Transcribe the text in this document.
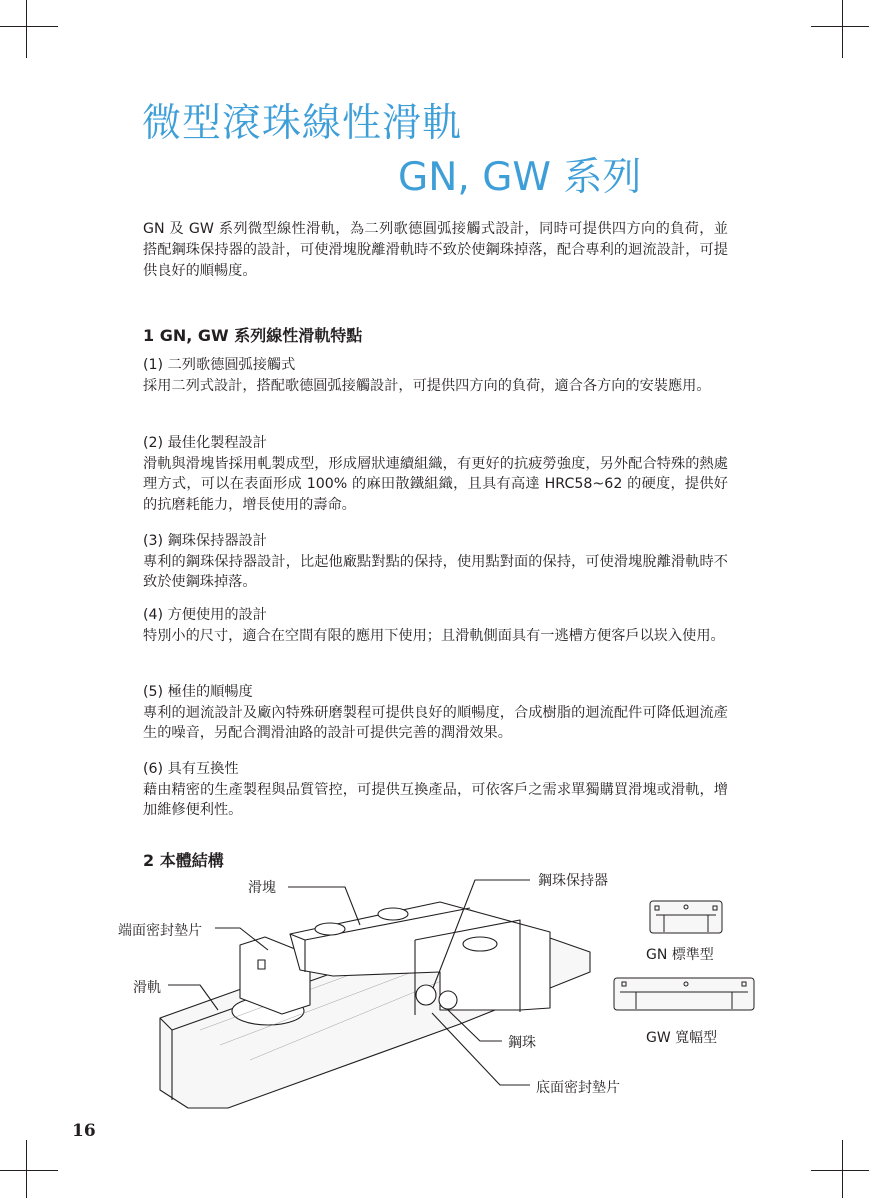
微型滾珠線性滑軌
GN, GW 系列
GN 及 GW 系列微型線性滑軌，為二列歌德圓弧接觸式設計，同時可提供四方向的負荷，並搭配鋼珠保持器的設計，可使滑塊脫離滑軌時不致於使鋼珠掉落，配合專利的迴流設計，可提供良好的順暢度。
1 GN, GW 系列線性滑軌特點
(1) 二列歌德圓弧接觸式
採用二列式設計，搭配歌德圓弧接觸設計，可提供四方向的負荷，適合各方向的安裝應用。
(2) 最佳化製程設計
滑軌與滑塊皆採用軋製成型，形成層狀連續組織，有更好的抗疲勞強度，另外配合特殊的熱處理方式，可以在表面形成 100% 的麻田散鐵組織，且具有高達 HRC58~62 的硬度，提供好的抗磨耗能力，增長使用的壽命。
(3) 鋼珠保持器設計
專利的鋼珠保持器設計，比起他廠點對點的保持，使用點對面的保持，可使滑塊脫離滑軌時不致於使鋼珠掉落。
(4) 方便使用的設計
特別小的尺寸，適合在空間有限的應用下使用；且滑軌側面具有一逃槽方便客戶以崁入使用。
(5) 極佳的順暢度
專利的迴流設計及廠內特殊研磨製程可提供良好的順暢度，合成樹脂的迴流配件可降低迴流產生的噪音，另配合潤滑油路的設計可提供完善的潤滑效果。
(6) 具有互換性
藉由精密的生產製程與品質管控，可提供互換產品，可依客戶之需求單獨購買滑塊或滑軌，增加維修便利性。
2 本體結構
滑塊
端面密封墊片
滑軌
鋼珠保持器
鋼珠
底面密封墊片
GN 標準型
GW 寬幅型
16
